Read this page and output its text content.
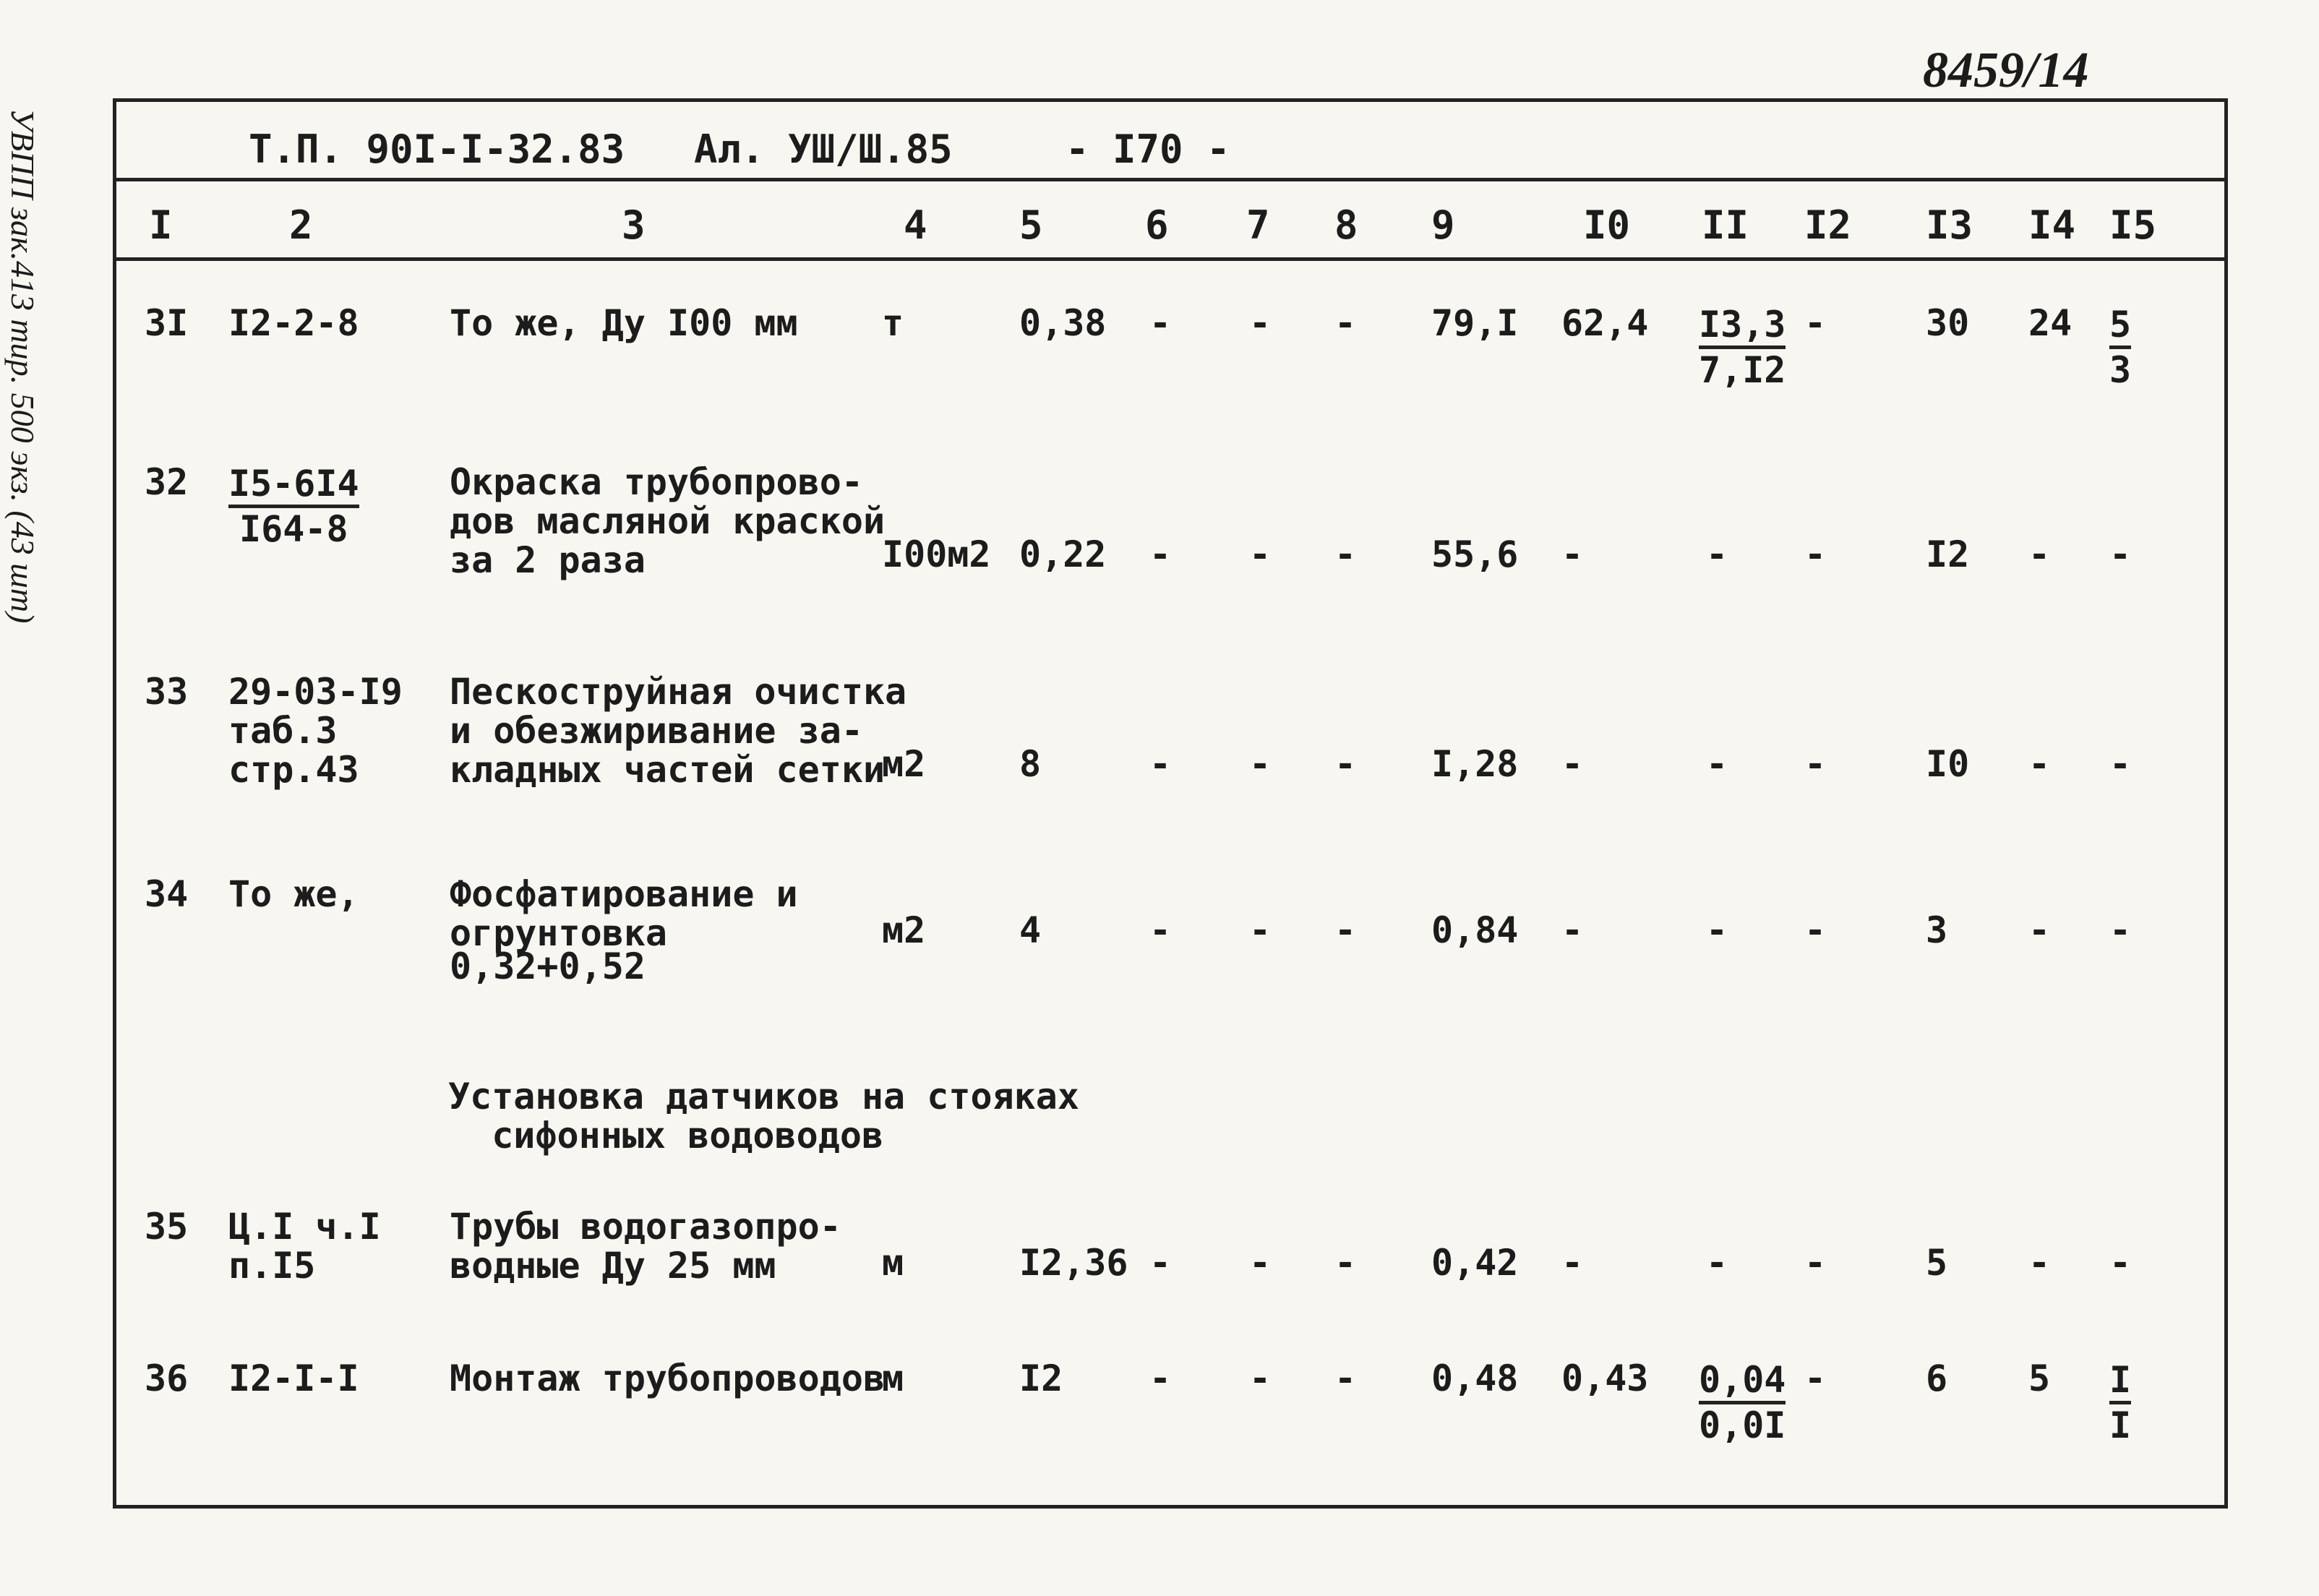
УВПП зак.413 тир. 500 экз. (43 шт)
8459/14
Т.П. 90I-I-32.83 Ал. УШ/Ш.85	- I70 -
I	2	3	4 5	6 7 8 9	I0 II I2 I3 I4 I5
3I I2-2-8	То же, Ду I00 мм т	0,38 - - - 79,I $62,4 \frac{I3,3}{7,I2}$ -	30 $24 \frac{5}{3}$
$32 \frac{I5-6I4}{I64-8}$	Окраска трубопрово-
дов масляной краской
за 2 раза	I00м2 0,22 - - - 55,6 -	- -	I2 - -
33 29-03-I9
таб.3
стр.43
Пескоструйная очистка
и обезжиривание за-
кладных частей сетки
м2	8	- - - I,28 -	- -	I0 - -
34 То же,	Фосфатирование и
огрунтовка
0,32+0,52
м2	4	- - - 0,84 -	- -	3 - -
Установка датчиков на стояках
сифонных водоводов
35 Ц.I ч.I
п.I5
Трубы водогазопро-
водные Ду 25 мм	м	I2,36 - - - 0,42 -	- -	5 - -
36 I2-I-I	Монтаж трубопроводов
м	I2 - - - 0,48 $0,43 \frac{0,04}{0,0I}$ -	6 $5 \frac{I}{I}$
